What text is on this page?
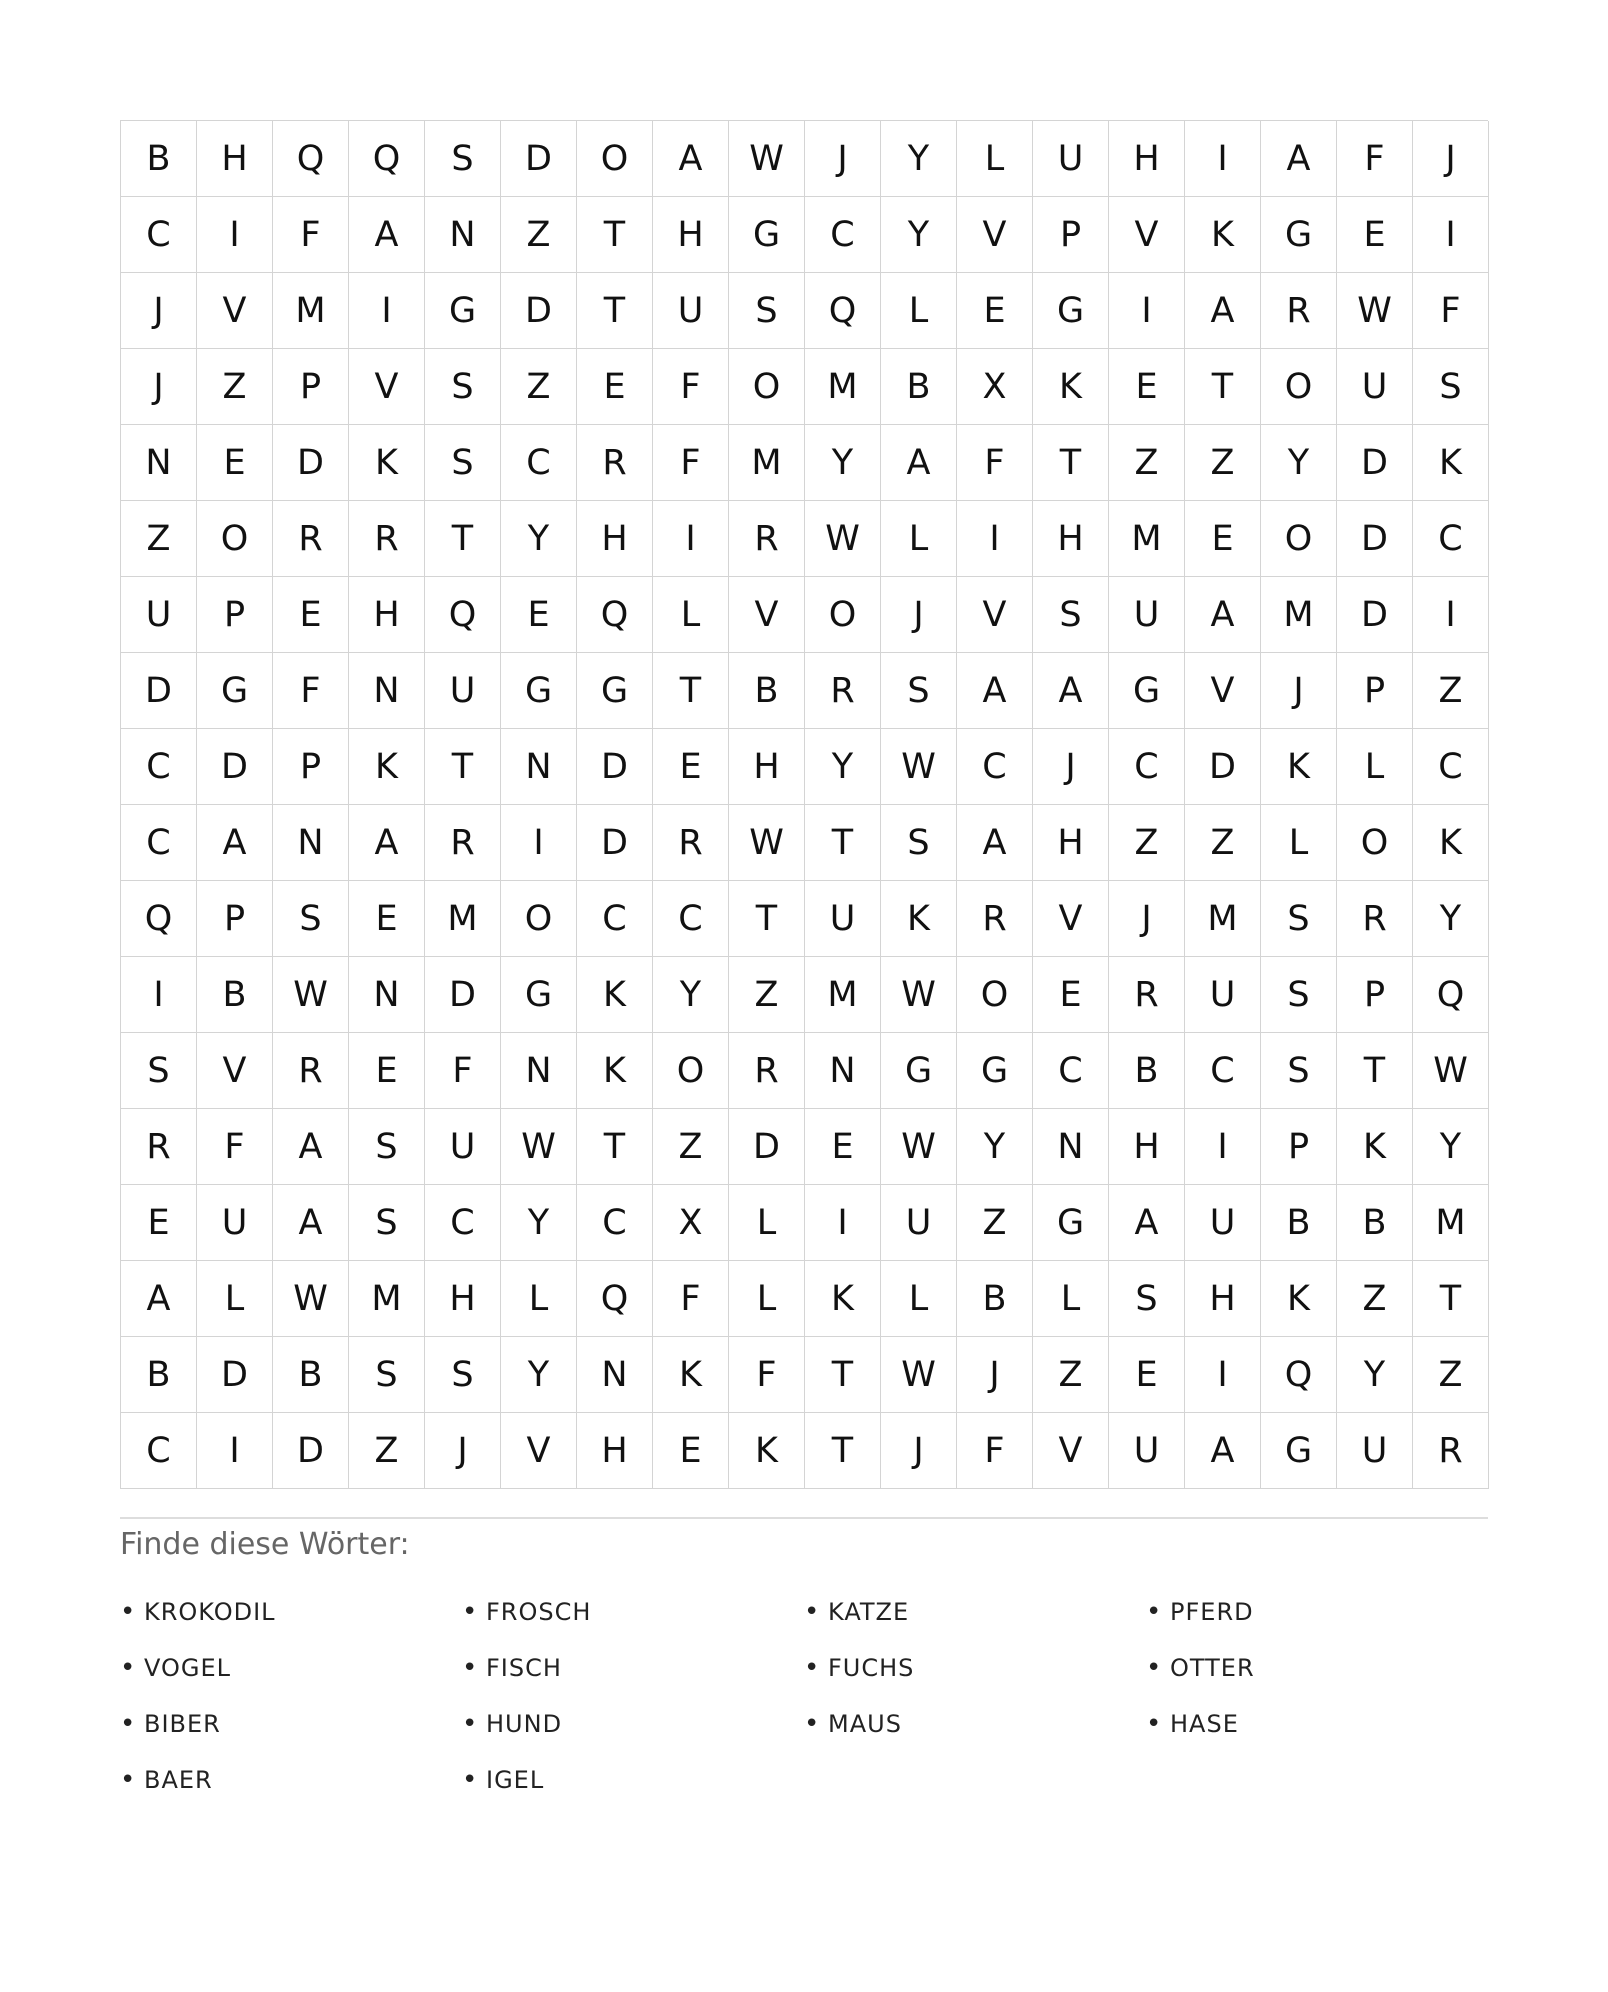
B	H	Q	Q	S	D	O	A	W	J	Y	L	U	H	I	A	F	J
C	I	F	A	N	Z	T	H	G	C	Y	V	P	V	K	G	E	I
J	V	M	I	G	D	T	U	S	Q	L	E	G	I	A	R	W	F
J	Z	P	V	S	Z	E	F	O	M	B	X	K	E	T	O	U	S
N	E	D	K	S	C	R	F	M	Y	A	F	T	Z	Z	Y	D	K
Z	O	R	R	T	Y	H	I	R	W	L	I	H	M	E	O	D	C
U	P	E	H	Q	E	Q	L	V	O	J	V	S	U	A	M	D	I
D	G	F	N	U	G	G	T	B	R	S	A	A	G	V	J	P	Z
C	D	P	K	T	N	D	E	H	Y	W	C	J	C	D	K	L	C
C	A	N	A	R	I	D	R	W	T	S	A	H	Z	Z	L	O	K
Q	P	S	E	M	O	C	C	T	U	K	R	V	J	M	S	R	Y
I	B	W	N	D	G	K	Y	Z	M	W	O	E	R	U	S	P	Q
S	V	R	E	F	N	K	O	R	N	G	G	C	B	C	S	T	W
R	F	A	S	U	W	T	Z	D	E	W	Y	N	H	I	P	K	Y
E	U	A	S	C	Y	C	X	L	I	U	Z	G	A	U	B	B	M
A	L	W	M	H	L	Q	F	L	K	L	B	L	S	H	K	Z	T
B	D	B	S	S	Y	N	K	F	T	W	J	Z	E	I	Q	Y	Z
C	I	D	Z	J	V	H	E	K	T	J	F	V	U	A	G	U	R
Finde diese Wörter:
• KROKODIL	• FROSCH	• KATZE	• PFERD
• VOGEL	• FISCH	• FUCHS	• OTTER
• BIBER	• HUND	• MAUS	• HASE
• BAER	• IGEL
